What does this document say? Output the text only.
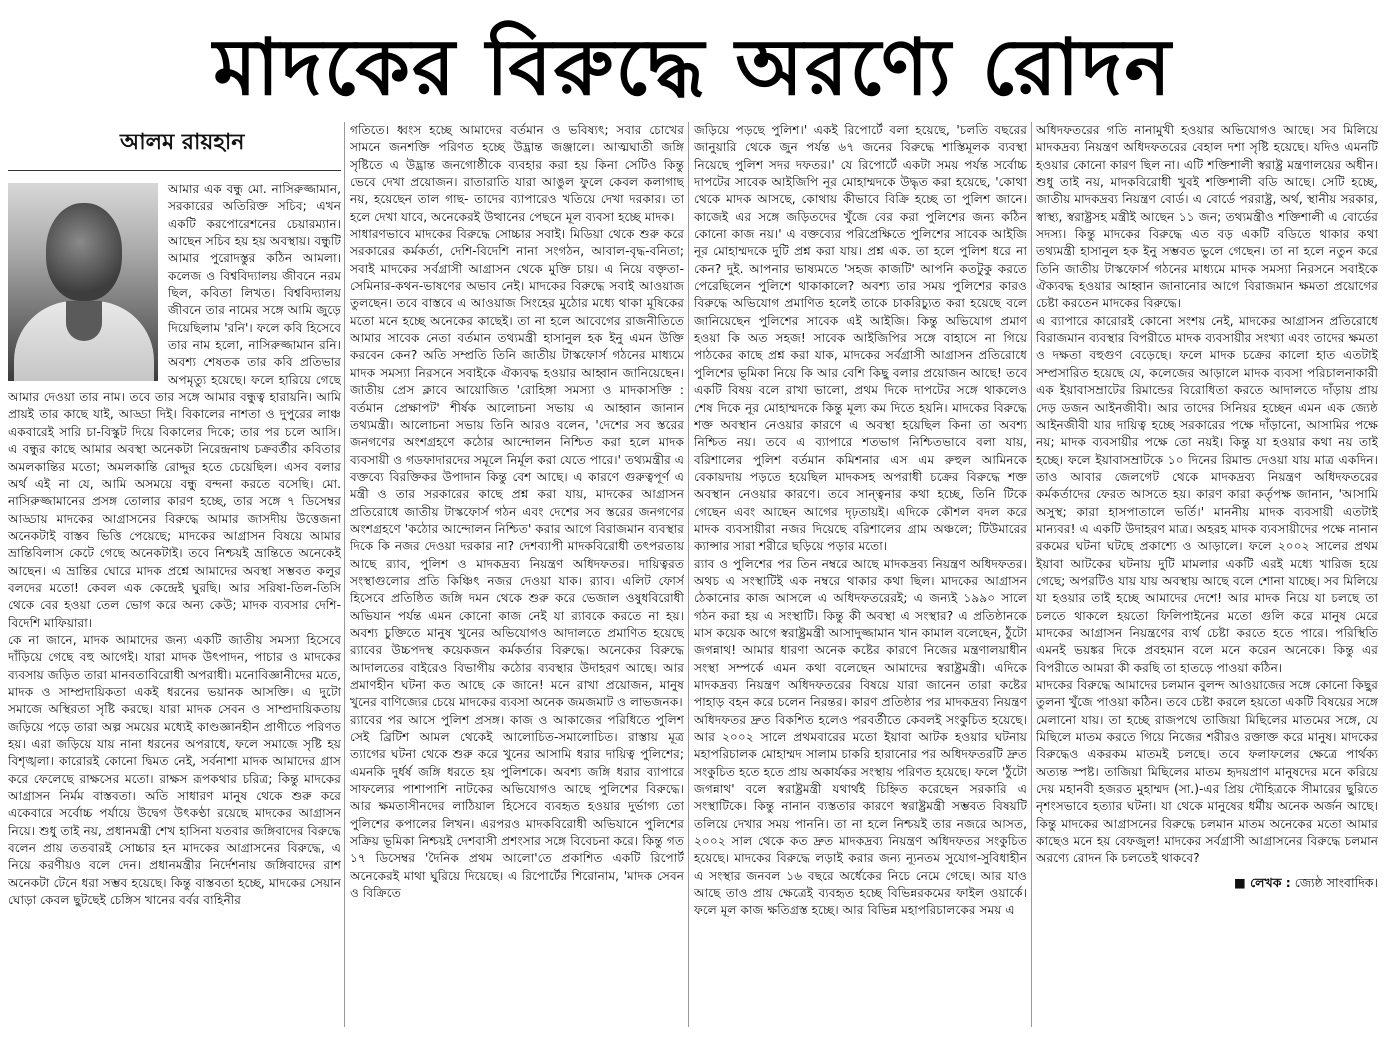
মাদকের বিরুদ্ধে অরণ্যে রোদন
আলম রায়হান

আমার এক বন্ধু মো. নাসিরুজ্জামান, সরকারের অতিরিক্ত সচিব; এখন একটি করপোরেশনের চেয়ারম্যান। আছেন সচিব হয় হয় অবস্থায়। বন্ধুটি আমার পুরোদস্তুর কঠিন আমলা। কলেজ ও বিশ্ববিদ্যালয় জীবনে নরম ছিল, কবিতা লিখত। বিশ্ববিদ্যালয় জীবনে তার নামের সঙ্গে আমি জুড়ে দিয়েছিলাম 'রনি'। ফলে কবি হিসেবে তার নাম হলো, নাসিরুজ্জামান রনি। অবশ্য শেষতক তার কবি প্রতিভার অপমৃত্যু হয়েছে। ফলে হারিয়ে গেছে আমার দেওয়া তার নাম। তবে তার সঙ্গে আমার বন্ধুত্ব হারায়নি। আমি প্রায়ই তার কাছে যাই, আড্ডা দিই। বিকালের নাশতা ও দুপুরের লাঞ্চ একবারেই সারি চা-বিস্কুট দিয়ে বিকালের দিকে; তার পর চলে আসি। এ বন্ধুর কাছে আমার অবস্থা অনেকটা নিরেন্দ্রনাথ চক্রবর্তীর কবিতার অমলকান্তির মতো; অমলকান্তি রোদ্দুর হতে চেয়েছিল। এসব বলার অর্থ এই না যে, আমি অসময়ে বন্ধু বন্দনা করতে বসেছি। মো. নাসিরুজ্জামানের প্রসঙ্গ তোলার কারণ হচ্ছে, তার সঙ্গে ৭ ডিসেম্বর আড্ডায় মাদকের আগ্রাসনের বিরুদ্ধে আমার জাসদীয় উত্তেজনা অনেকটাই বাস্তব ভিত্তি পেয়েছে; মাদকের আগ্রাসন বিষয়ে আমার ভ্রান্তিবিলাস কেটে গেছে অনেকটাই। তবে নিশ্চয়ই ভ্রান্তিতে অনেকেই আছেন। এ ভ্রান্তির ঘোরে মাদক প্রশ্নে আমাদের অবস্থা সম্ভবত কলুর বলদের মতো! কেবল এক কেন্দ্রেই ঘুরছি। আর সরিষা-তিল-তিসি থেকে বের হওয়া তেল ভোগ করে অন্য কেউ; মাদক ব্যবসার দেশি-বিদেশি মাফিয়ারা।

কে না জানে, মাদক আমাদের জন্য একটি জাতীয় সমস্যা হিসেবে দাঁড়িয়ে গেছে বহু আগেই। যারা মাদক উৎপাদন, পাচার ও মাদকের ব্যবসায় জড়িত তারা মানবতাবিরোধী অপরাধী। মনোবিজ্ঞানীদের মতে, মাদক ও সাম্প্রদায়িকতা একই ধরনের ভয়ানক আসক্তি। এ দুটো সমাজে অস্থিরতা সৃষ্টি করছে। যারা মাদক সেবন ও সাম্প্রদায়িকতায় জড়িয়ে পড়ে তারা অল্প সময়ের মধ্যেই কাণ্ডজ্ঞানহীন প্রাণীতে পরিণত হয়। এরা জড়িয়ে যায় নানা ধরনের অপরাধে, ফলে সমাজে সৃষ্টি হয় বিশৃঙ্খলা। কারোরই কোনো দ্বিমত নেই, সর্বনাশা মাদক আমাদের গ্রাস করে ফেলেছে রাক্ষসের মতো। রাক্ষস রূপকথার চরিত্র; কিন্তু মাদকের আগ্রাসন নির্মম বাস্তবতা। অতি সাধারণ মানুষ থেকে শুরু করে একেবারে সর্বোচ্চ পর্যায়ে উদ্বেগ উৎকণ্ঠা রয়েছে মাদকের আগ্রাসন নিয়ে। শুধু তাই নয়, প্রধানমন্ত্রী শেখ হাসিনা যতবার জঙ্গিবাদের বিরুদ্ধে বলেন প্রায় ততবারই সোচ্চার হন মাদকের আগ্রাসনের বিরুদ্ধে, এ নিয়ে করণীয়ও বলে দেন। প্রধানমন্ত্রীর নির্দেশনায় জঙ্গিবাদের রাশ অনেকটা টেনে ধরা সম্ভব হয়েছে। কিন্তু বাস্তবতা হচ্ছে, মাদকের সেয়ান ঘোড়া কেবল ছুটছেই চেঙ্গিস খানের বর্বর বাহিনীর

গতিতে। ধ্বংস হচ্ছে আমাদের বর্তমান ও ভবিষ্যৎ; সবার চোখের সামনে জনশক্তি পরিণত হচ্ছে উদ্ভ্রান্ত জঞ্জালে। আত্মঘাতী জঙ্গি সৃষ্টিতে এ উদ্ভ্রান্ত জনগোষ্ঠীকে ব্যবহার করা হয় কিনা সেটিও কিন্তু ভেবে দেখা প্রয়োজন। রাতারাতি যারা আঙুল ফুলে কেবল কলাগাছ নয়, হয়েছেন তাল গাছ- তাদের ব্যাপারেও খতিয়ে দেখা দরকার। তা হলে দেখা যাবে, অনেকেরই উত্থানের পেছনে মূল ব্যবসা হচ্ছে মাদক।

সাধারণভাবে মাদকের বিরুদ্ধে সোচ্চার সবাই। মিডিয়া থেকে শুরু করে সরকারের কর্মকর্তা, দেশি-বিদেশি নানা সংগঠন, আবাল-বৃদ্ধ-বনিতা; সবাই মাদকের সর্বগ্রাসী আগ্রাসন থেকে মুক্তি চায়। এ নিয়ে বক্তৃতা-সেমিনার-কথন-ভাষণের অভাব নেই। মাদকের বিরুদ্ধে সবাই আওয়াজ তুলছেন। তবে বাস্তবে এ আওয়াজ সিংহের মুঠোর মধ্যে থাকা মূষিকের মতো মনে হচ্ছে অনেকের কাছেই। তা না হলে আবেগের রাজনীতিতে আমার সাবেক নেতা বর্তমান তথ্যমন্ত্রী হাসানুল হক ইনু এমন উক্তি করবেন কেন? অতি সম্প্রতি তিনি জাতীয় টাস্কফোর্স গঠনের মাধ্যমে মাদক সমস্যা নিরসনে সবাইকে ঐক্যবদ্ধ হওয়ার আহ্বান জানিয়েছেন। জাতীয় প্রেস ক্লাবে আয়োজিত 'রোহিঙ্গা সমস্যা ও মাদকাসক্তি : বর্তমান প্রেক্ষাপট' শীর্ষক আলোচনা সভায় এ আহ্বান জানান তথ্যমন্ত্রী। আলোচনা সভায় তিনি আরও বলেন, 'দেশের সব স্তরের জনগণের অংশগ্রহণে কঠোর আন্দোলন নিশ্চিত করা হলে মাদক ব্যবসায়ী ও গডফাদারদের সমূলে নির্মূল করা যেতে পারে।' তথ্যমন্ত্রীর এ বক্তব্যে বিরক্তিকর উপাদান কিন্তু বেশ আছে। এ কারণে গুরুত্বপূর্ণ এ মন্ত্রী ও তার সরকারের কাছে প্রশ্ন করা যায়, মাদকের আগ্রাসন প্রতিরোধে জাতীয় টাস্কফোর্স গঠন এবং দেশের সব স্তরের জনগণের অংশগ্রহণে 'কঠোর আন্দোলন নিশ্চিত' করার আগে বিরাজমান ব্যবস্থার দিকে কি নজর দেওয়া দরকার না? দেশব্যাপী মাদকবিরোধী তৎপরতায় আছে র‍্যাব, পুলিশ ও মাদকদ্রব্য নিয়ন্ত্রণ অধিদফতর। দায়িত্বরত সংস্থাগুলোর প্রতি কিঞ্চিৎ নজর দেওয়া যাক। র‍্যাব। এলিট ফোর্স হিসেবে প্রতিষ্ঠিত জঙ্গি দমন থেকে শুরু করে ভেজাল ওষুধবিরোধী অভিযান পর্যন্ত এমন কোনো কাজ নেই যা র‍্যাবকে করতে না হয়। অবশ্য চুক্তিতে মানুষ খুনের অভিযোগও আদালতে প্রমাণিত হয়েছে র‍্যাবের উচ্চপদস্থ কয়েকজন কর্মকর্তার বিরুদ্ধে। অনেকের বিরুদ্ধে আদালতের বাইরেও বিভাগীয় কঠোর ব্যবস্থার উদাহরণ আছে। আর প্রমাণহীন ঘটনা কত আছে কে জানে! মনে রাখা প্রয়োজন, মানুষ খুনের বাণিজ্যের চেয়ে মাদকের ব্যবসা অনেক জমজমাট ও লাভজনক।

র‍্যাবের পর আসে পুলিশ প্রসঙ্গ। কাজ ও আকাজের পরিধিতে পুলিশ সেই ব্রিটিশ আমল থেকেই আলোচিত-সমালোচিত। রাস্তায় মূত্র ত্যাগের ঘটনা থেকে শুরু করে খুনের আসামি ধরার দায়িত্ব পুলিশের; এমনকি দুর্ধর্ষ জঙ্গি ধরতে হয় পুলিশকে। অবশ্য জঙ্গি ধরার ব্যাপারে সাফল্যের পাশাপাশি নাটকের অভিযোগও আছে পুলিশের বিরুদ্ধে। আর ক্ষমতাসীনদের লাঠিয়াল হিসেবে ব্যবহৃত হওয়ার দুর্ভাগ্য তো পুলিশের কপালের লিখন। এরপরও মাদকবিরোধী অভিযানে পুলিশের সক্রিয় ভূমিকা নিশ্চয়ই দেশবাসী প্রশংসার সঙ্গে বিবেচনা করে। কিন্তু গত ১৭ ডিসেম্বর 'দৈনিক প্রথম আলো'তে প্রকাশিত একটি রিপোর্ট অনেকেরই মাথা ঘুরিয়ে দিয়েছে। এ রিপোর্টের শিরোনাম, 'মাদক সেবন ও বিক্রিতে

জড়িয়ে পড়ছে পুলিশ।' একই রিপোর্টে বলা হয়েছে, 'চলতি বছরের জানুয়ারি থেকে জুন পর্যন্ত ৬৭ জনের বিরুদ্ধে শাস্তিমূলক ব্যবস্থা নিয়েছে পুলিশ সদর দফতর।' যে রিপোর্টে একটা সময় পর্যন্ত সর্বোচ্চ দাপটের সাবেক আইজিপি নূর মোহাম্মদকে উদ্ধৃত করা হয়েছে, 'কোথা থেকে মাদক আসছে, কোথায় কীভাবে বিক্রি হচ্ছে তা পুলিশ জানে। কাজেই এর সঙ্গে জড়িতদের খুঁজে বের করা পুলিশের জন্য কঠিন কোনো কাজ নয়।' এ বক্তব্যের পরিপ্রেক্ষিতে পুলিশের সাবেক আইজি নূর মোহাম্মদকে দুটি প্রশ্ন করা যায়। প্রশ্ন এক. তা হলে পুলিশ ধরে না কেন? দুই. আপনার ভাষ্যমতে 'সহজ কাজটি' আপনি কতটুকু করতে পেরেছিলেন পুলিশে থাকাকালে? অবশ্য তার সময় পুলিশের কারও বিরুদ্ধে অভিযোগ প্রমাণিত হলেই তাকে চাকরিচ্যুত করা হয়েছে বলে জানিয়েছেন পুলিশের সাবেক এই আইজি। কিন্তু অভিযোগ প্রমাণ হওয়া কি অত সহজ! সাবেক আইজিপির সঙ্গে বাহাসে না গিয়ে পাঠকের কাছে প্রশ্ন করা যাক, মাদকের সর্বগ্রাসী আগ্রাসন প্রতিরোধে পুলিশের ভূমিকা নিয়ে কি আর বেশি কিছু বলার প্রয়োজন আছে! তবে একটি বিষয় বলে রাখা ভালো, প্রথম দিকে দাপটের সঙ্গে থাকলেও শেষ দিকে নূর মোহাম্মদকে কিন্তু মূল্য কম দিতে হয়নি। মাদকের বিরুদ্ধে শক্ত অবস্থান নেওয়ার কারণে এ অবস্থা হয়েছিল কিনা তা অবশ্য নিশ্চিত নয়। তবে এ ব্যাপারে শতভাগ নিশ্চিতভাবে বলা যায়, বরিশালের পুলিশ বর্তমান কমিশনার এস এম রুহুল আমিনকে বেকায়দায় পড়তে হয়েছিল মাদকসহ অপরাধী চক্রের বিরুদ্ধে শক্ত অবস্থান নেওয়ার কারণে। তবে সান্ত্বনার কথা হচ্ছে, তিনি টিকে গেছেন এবং আছেন আগের দৃঢ়তায়ই। এদিকে কৌশল বদল করে মাদক ব্যবসায়ীরা নজর দিয়েছে বরিশালের গ্রাম অঞ্চলে; টিউমারের ক্যান্সার সারা শরীরে ছড়িয়ে পড়ার মতো।

র‍্যাব ও পুলিশের পর তিন নম্বরে আছে মাদকদ্রব্য নিয়ন্ত্রণ অধিদফতর। অথচ এ সংস্থাটিই এক নম্বরে থাকার কথা ছিল। মাদকের আগ্রাসন ঠেকানোর কাজ আসলে এ অধিদফতরেরই; এ জন্যই ১৯৯০ সালে গঠন করা হয় এ সংস্থাটি। কিন্তু কী অবস্থা এ সংস্থার? এ প্রতিষ্ঠানকে মাস কয়েক আগে স্বরাষ্ট্রমন্ত্রী আসাদুজ্জামান খান কামাল বলেছেন, ঠুঁটো জগন্নাথ! আমার ধারণা অনেক কষ্টের কারণে নিজের মন্ত্রণালয়াধীন সংস্থা সম্পর্কে এমন কথা বলেছেন আমাদের স্বরাষ্ট্রমন্ত্রী। এদিকে মাদকদ্রব্য নিয়ন্ত্রণ অধিদফতরের বিষয়ে যারা জানেন তারা কষ্টের পাহাড় বহন করে চলেন নিরন্তর। কারণ প্রতিষ্ঠার পর মাদকদ্রব্য নিয়ন্ত্রণ অধিদফতর দ্রুত বিকশিত হলেও পরবর্তীতে কেবলই সংকুচিত হয়েছে। আর ২০০২ সালে প্রথমবারের মতো ইয়াবা আটক হওয়ার ঘটনায় মহাপরিচালক মোহাম্মদ সালাম চাকরি হারানোর পর অধিদফতরটি দ্রুত সংকুচিত হতে হতে প্রায় অকার্যকর সংস্থায় পরিণত হয়েছে। ফলে 'ঠুঁটো জগন্নাথ' বলে স্বরাষ্ট্রমন্ত্রী যথার্থই চিহ্নিত করেছেন সরকারি এ সংস্থাটিকে। কিন্তু নানান ব্যস্ততার কারণে স্বরাষ্ট্রমন্ত্রী সম্ভবত বিষয়টি তলিয়ে দেখার সময় পাননি। তা না হলে নিশ্চয়ই তার নজরে আসত, ২০০২ সাল থেকে কত দ্রুত মাদকদ্রব্য নিয়ন্ত্রণ অধিদফতর সংকুচিত হয়েছে। মাদকের বিরুদ্ধে লড়াই করার জন্য ন্যূনতম সুযোগ-সুবিধাহীন এ সংস্থার জনবল ১৬ বছরে অর্ধেকের নিচে নেমে গেছে। আর যাও আছে তাও প্রায় ক্ষেত্রেই ব্যবহৃত হচ্ছে বিভিন্নরকমের ফাইল ওয়ার্কে। ফলে মূল কাজ ক্ষতিগ্রস্ত হচ্ছে। আর বিভিন্ন মহাপরিচালকের সময় এ

অধিদফতরের গতি নানামুখী হওয়ার অভিযোগও আছে। সব মিলিয়ে মাদকদ্রব্য নিয়ন্ত্রণ অধিদফতরের বেহাল দশা সৃষ্টি হয়েছে। যদিও এমনটি হওয়ার কোনো কারণ ছিল না। এটি শক্তিশালী স্বরাষ্ট্র মন্ত্রণালয়ের অধীন। শুধু তাই নয়, মাদকবিরোধী খুবই শক্তিশালী বডি আছে। সেটি হচ্ছে, জাতীয় মাদকদ্রব্য নিয়ন্ত্রণ বোর্ড। এ বোর্ডে পররাষ্ট্র, অর্থ, স্থানীয় সরকার, স্বাস্থ্য, স্বরাষ্ট্রসহ মন্ত্রীই আছেন ১১ জন; তথ্যমন্ত্রীও শক্তিশালী এ বোর্ডের সদস্য। কিন্তু মাদকের বিরুদ্ধে এত বড় একটি বডিতে থাকার কথা তথ্যমন্ত্রী হাসানুল হক ইনু সম্ভবত ভুলে গেছেন। তা না হলে নতুন করে তিনি জাতীয় টাস্কফোর্স গঠনের মাধ্যমে মাদক সমস্যা নিরসনে সবাইকে ঐক্যবদ্ধ হওয়ার আহ্বান জানানোর আগে বিরাজমান ক্ষমতা প্রয়োগের চেষ্টা করতেন মাদকের বিরুদ্ধে।

এ ব্যাপারে কারোরই কোনো সংশয় নেই, মাদকের আগ্রাসন প্রতিরোধে বিরাজমান ব্যবস্থার বিপরীতে মাদক ব্যবসায়ীর সংখ্যা এবং তাদের ক্ষমতা ও দক্ষতা বহুগুণ বেড়েছে। ফলে মাদক চক্রের কালো হাত এতটাই সম্প্রসারিত হয়েছে যে, কলেজের আড়ালে মাদক ব্যবসা পরিচালনাকারী এক ইয়াবাসম্রাটের রিমান্ডের বিরোধিতা করতে আদালতে দাঁড়ায় প্রায় দেড় ডজন আইনজীবী। আর তাদের সিনিয়র হচ্ছেন এমন এক জ্যেষ্ঠ আইনজীবী যার দায়িত্ব হচ্ছে সরকারের পক্ষে দাঁড়ানো, আসামির পক্ষে নয়; মাদক ব্যবসায়ীর পক্ষে তো নয়ই। কিন্তু যা হওয়ার কথা নয় তাই হচ্ছে। ফলে ইয়াবাসম্রাটকে ১০ দিনের রিমান্ড দেওয়া যায় মাত্র একদিন। তাও আবার জেলগেট থেকে মাদকদ্রব্য নিয়ন্ত্রণ অধিদফতরের কর্মকর্তাদের ফেরত আসতে হয়। কারণ কারা কর্তৃপক্ষ জানান, 'আসামি অসুস্থ; কারা হাসপাতালে ভর্তি।' মাননীয় মাদক ব্যবসায়ী এতটাই মান্যবর! এ একটি উদাহরণ মাত্র। অহরহ মাদক ব্যবসায়ীদের পক্ষে নানান রকমের ঘটনা ঘটছে প্রকাশ্যে ও আড়ালে। ফলে ২০০২ সালের প্রথম ইয়াবা আটকের ঘটনায় দুটি মামলার একটি এরই মধ্যে খারিজ হয়ে গেছে; অপরটিও যায় যায় অবস্থায় আছে বলে শোনা যাচ্ছে। সব মিলিয়ে যা হওয়ার তাই হচ্ছে আমাদের দেশে! আর মাদক নিয়ে যা চলছে তা চলতে থাকলে হয়তো ফিলিপাইনের মতো গুলি করে মানুষ মেরে মাদকের আগ্রাসন নিয়ন্ত্রণের ব্যর্থ চেষ্টা করতে হতে পারে। পরিস্থিতি এমনই ভয়ঙ্কর দিকে প্রবহমান বলে মনে করেন অনেকে। কিন্তু এর বিপরীতে আমরা কী করছি তা হাতড়ে পাওয়া কঠিন।

মাদকের বিরুদ্ধে আমাদের চলমান বুলন্দ আওয়াজের সঙ্গে কোনো কিছুর তুলনা খুঁজে পাওয়া কঠিন। তবে চেষ্টা করলে হয়তো একটি বিষয়ের সঙ্গে মেলানো যায়। তা হচ্ছে রাজপথে তাজিয়া মিছিলের মাতমের সঙ্গে, যে মিছিলে মাতম করতে গিয়ে নিজের শরীরও রক্তাক্ত করে মানুষ। মাদকের বিরুদ্ধেও একরকম মাতমই চলছে। তবে ফলাফলের ক্ষেত্রে পার্থক্য অত্যন্ত স্পষ্ট। তাজিয়া মিছিলের মাতম হৃদয়প্রাণ মানুষদের মনে করিয়ে দেয় মহানবী হজরত মুহাম্মদ (সা.)-এর প্রিয় দৌহিত্রকে সীমারের ছুরিতে নৃশংসভাবে হত্যার ঘটনা। যা থেকে মানুষের ধর্মীয় অনেক অর্জন আছে। কিন্তু মাদকের আগ্রাসনের বিরুদ্ধে চলমান মাতম অনেকের মতো আমার কাছেও মনে হয় বেফজুল! মাদকের সর্বগ্রাসী আগ্রাসনের বিরুদ্ধে চলমান অরণ্যে রোদন কি চলতেই থাকবে?

■ লেখক : জ্যেষ্ঠ সাংবাদিক।
